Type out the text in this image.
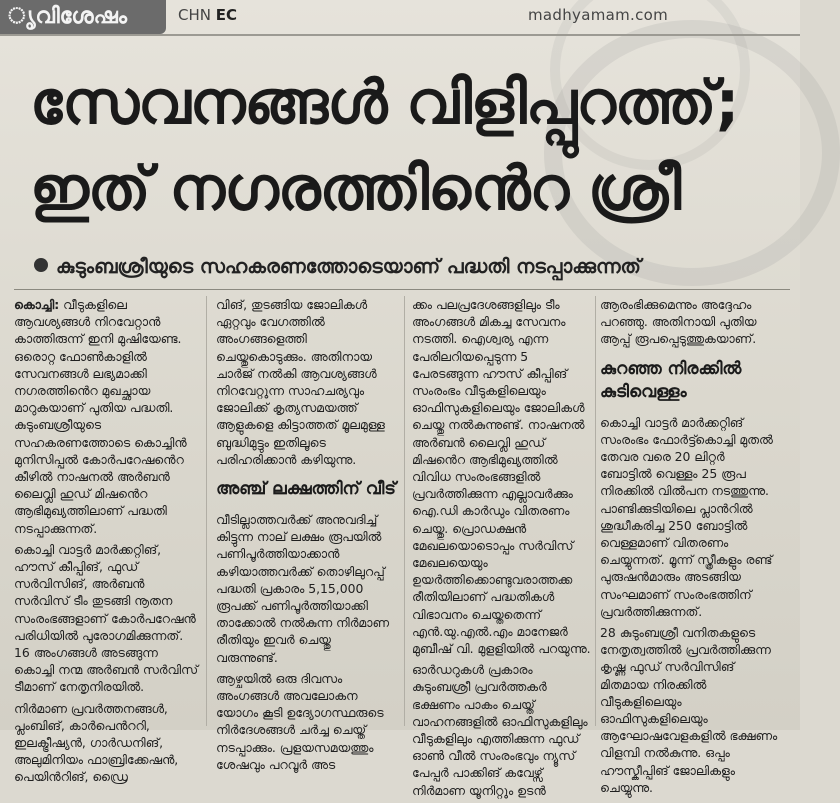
ൃവിശേഷം	CHN EC	madhyamam.com
സേവനങ്ങൾ വിളിപ്പുറത്ത്;
ഇത് നഗരത്തിൻെറ ശ്രീ
കുടുംബശ്രീയുടെ സഹകരണത്തോടെയാണ് പദ്ധതി നടപ്പാക്കുന്നത്

കൊച്ചി: വീടുകളിലെ ആവശ്യങ്ങൾ നിറവേറ്റാൻ കാത്തിരുന്ന് ഇനി മുഷിയേണ്ട. ഒരൊറ്റ ഫോൺകാളിൽ സേവനങ്ങൾ ലഭ്യമാക്കി നഗരത്തിൻെറ മുഖച്ഛായ മാറുകയാണ് പുതിയ പദ്ധതി. കുടുംബശ്രീയുടെ സഹകരണത്തോടെ കൊച്ചിൻ മുനിസിപ്പൽ കോർപറേഷൻെറ കീഴിൽ നാഷനൽ അർബൻ ലൈവ്ലി ഹുഡ് മിഷൻെറ ആഭിമുഖ്യത്തിലാണ് പദ്ധതി നടപ്പാക്കുന്നത്.

കൊച്ചി വാട്ടർ മാർക്കറ്റിങ്, ഹൗസ് കീപ്പിങ്, ഫുഡ് സർവിസിങ്, അർബൻ സർവിസ് ടീം തുടങ്ങി നൂതന സംരംഭങ്ങളാണ് കോർപറേഷൻ പരിധിയിൽ പുരോഗമിക്കുന്നത്. 16 അംഗങ്ങൾ അടങ്ങുന്ന കൊച്ചി നന്മ അർബൻ സർവിസ് ടീമാണ് നേതൃനിരയിൽ.

നിർമാണ പ്രവർത്തനങ്ങൾ, പ്ലംബിങ്, കാർപെൻററി, ഇലക്ട്രീഷ്യൻ, ഗാർഡനിങ്, അലുമിനിയം ഫാബ്രിക്കേഷൻ, പെയിൻറിങ്, ഡ്രൈ

വിങ്, തുടങ്ങിയ ജോലികൾ ഏറ്റവും വേഗത്തിൽ അംഗങ്ങളെത്തി ചെയ്തുകൊടുക്കും. അതിനായ ചാർജ് നൽകി ആവശ്യങ്ങൾ നിറവേറ്റുന്ന സാഹചര്യവും ജോലിക്ക് കൃത്യസമയത്ത് ആളുകളെ കിട്ടാത്തത് മൂലമുള്ള ബുദ്ധിമുട്ടും ഇതിലൂടെ പരിഹരിക്കാൻ കഴിയുന്നു.

അഞ്ച് ലക്ഷത്തിന് വീട്

വീടില്ലാത്തവർക്ക് അനുവദിച്ച് കിട്ടുന്ന നാല് ലക്ഷം രൂപയിൽ പണിപൂർത്തിയാക്കാൻ കഴിയാത്തവർക്ക് തൊഴിലുറപ്പ് പദ്ധതി പ്രകാരം 5,15,000 രൂപക്ക് പണിപൂർത്തിയാക്കി താക്കോൽ നൽകുന്ന നിർമാണ രീതിയും ഇവർ ചെയ്തു വരുന്നുണ്ട്.

ആഴ്ചയിൽ ഒരു ദിവസം അംഗങ്ങൾ അവലോകന യോഗം കൂടി ഉദ്യോഗസ്ഥരുടെ നിർദേശങ്ങൾ ചർച്ച ചെയ്ത് നടപ്പാക്കും. പ്രളയസമയത്തും ശേഷവും പറവൂർ അട

ക്കം പലപ്രദേശങ്ങളിലും ടീം അംഗങ്ങൾ മികച്ച സേവനം നടത്തി. ഐശ്വര്യ എന്ന പേരിലറിയപ്പെടുന്ന 5 പേരടങ്ങുന്ന ഹൗസ് കീപ്പിങ് സംരംഭം വീടുകളിലെയും ഓഫിസുകളിലെയും ജോലികൾ ചെയ്തു നൽകുന്നുണ്ട്. നാഷനൽ അർബൻ ലൈവ്ലി ഹുഡ് മിഷൻെറ ആഭിമുഖ്യത്തിൽ വിവിധ സംരംഭങ്ങളിൽ പ്രവർത്തിക്കുന്ന എല്ലാവർക്കും ഐ.ഡി കാർഡും വിതരണം ചെയ്തു. പ്രൊഡക്ഷൻ മേഖലയൊടൊപ്പം സർവിസ് മേഖലയെയും ഉയർത്തിക്കൊണ്ടുവരാത്തക്ക രീതിയിലാണ് പദ്ധതികൾ വിഭാവനം ചെയ്തതെന്ന് എൻ.യു.എൽ.എം മാനേജർ മുബീഷ് വി. മുളളിയിൽ പറയുന്നു.

ഓർഡറുകൾ പ്രകാരം കുടുംബശ്രീ പ്രവർത്തകർ ഭക്ഷണം പാകം ചെയ്ത് വാഹനങ്ങളിൽ ഓഫിസുകളിലും വീടുകളിലും എത്തിക്കുന്ന ഫുഡ് ഓൺ വീൽ സംരംഭവും ന്യൂസ് പേപ്പർ പാക്കിങ് കവേഴ്സ് നിർമാണ യൂനിറ്റും ഉടൻ

ആരംഭിക്കുമെന്നും അദ്ദേഹം പറഞ്ഞു. അതിനായി പുതിയ ആപ്പ് രൂപപ്പെടുത്തുകയാണ്.

കുറഞ്ഞ നിരക്കിൽ കുടിവെള്ളം

കൊച്ചി വാട്ടർ മാർക്കറ്റിങ് സംരംഭം ഫോർട്ട്കൊച്ചി മുതൽ തേവര വരെ 20 ലിറ്റർ ബോട്ടിൽ വെള്ളം 25 രൂപ നിരക്കിൽ വിൽപന നടത്തുന്നു. പാണ്ടിക്കുടിയിലെ പ്ലാൻറിൽ ശുദ്ധീകരിച്ച 250 ബോട്ടിൽ വെള്ളമാണ് വിതരണം ചെയ്യുന്നത്. മൂന്ന് സ്ത്രീകളും രണ്ട് പുരുഷൻമാരും അടങ്ങിയ സംഘമാണ് സംരംഭത്തിന് പ്രവർത്തിക്കുന്നത്.

28 കുടുംബശ്രീ വനിതകളുടെ നേതൃത്വത്തിൽ പ്രവർത്തിക്കുന്ന കൃഷ്ണ ഫുഡ് സർവിസിങ് മിതമായ നിരക്കിൽ വീടുകളിലെയും ഓഫിസുകളിലെയും ആഘോഷവേളകളിൽ ഭക്ഷണം വിളമ്പി നൽകുന്നു. ഒപ്പം ഹൗസ്കീപ്പിങ് ജോലികളും ചെയ്യുന്നു.
